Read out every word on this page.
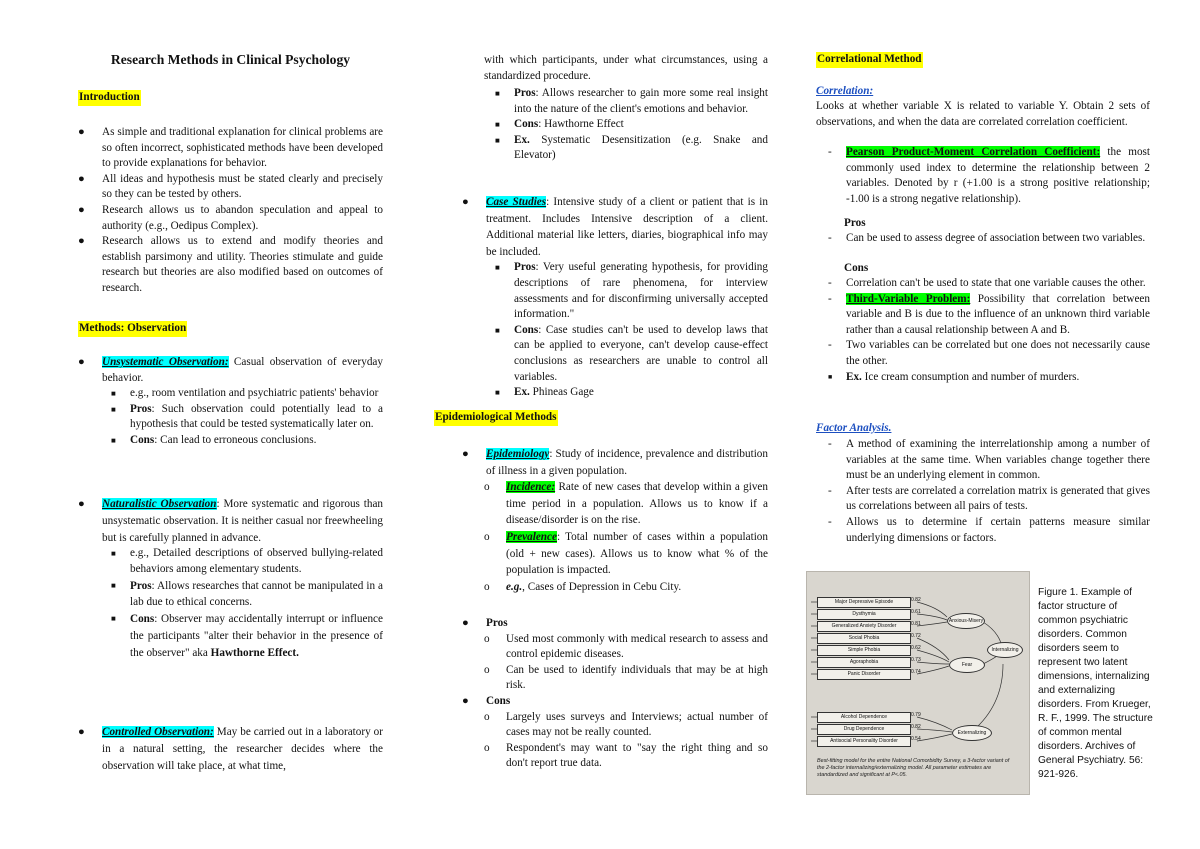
Research Methods in Clinical Psychology
Introduction
● As simple and traditional explanation for clinical problems are so often incorrect, sophisticated methods have been developed to provide explanations for behavior.
● All ideas and hypothesis must be stated clearly and precisely so they can be tested by others.
● Research allows us to abandon speculation and appeal to authority (e.g., Oedipus Complex).
● Research allows us to extend and modify theories and establish parsimony and utility. Theories stimulate and guide research but theories are also modified based on outcomes of research.
Methods: Observation
● Unsystematic Observation: Casual observation of everyday behavior.
■ e.g., room ventilation and psychiatric patients' behavior
■ Pros: Such observation could potentially lead to a hypothesis that could be tested systematically later on.
■ Cons: Can lead to erroneous conclusions.
● Naturalistic Observation: More systematic and rigorous than unsystematic observation. It is neither casual nor freewheeling but is carefully planned in advance.
■ e.g., Detailed descriptions of observed bullying-related behaviors among elementary students.
■ Pros: Allows researches that cannot be manipulated in a lab due to ethical concerns.
■ Cons: Observer may accidentally interrupt or influence the participants "alter their behavior in the presence of the observer" aka Hawthorne Effect.
● Controlled Observation: May be carried out in a laboratory or in a natural setting, the researcher decides where the observation will take place, at what time,
with which participants, under what circumstances, using a standardized procedure.
■ Pros: Allows researcher to gain more some real insight into the nature of the client's emotions and behavior.
■ Cons: Hawthorne Effect
■ Ex. Systematic Desensitization (e.g. Snake and Elevator)
● Case Studies: Intensive study of a client or patient that is in treatment. Includes Intensive description of a client. Additional material like letters, diaries, biographical info may be included.
■ Pros: Very useful generating hypothesis, for providing descriptions of rare phenomena, for interview assessments and for disconfirming universally accepted information."
■ Cons: Case studies can't be used to develop laws that can be applied to everyone, can't develop cause-effect conclusions as researchers are unable to control all variables.
■ Ex. Phineas Gage
Epidemiological Methods
● Epidemiology: Study of incidence, prevalence and distribution of illness in a given population.
o Incidence: Rate of new cases that develop within a given time period in a population. Allows us to know if a disease/disorder is on the rise.
o Prevalence: Total number of cases within a population (old + new cases). Allows us to know what % of the population is impacted.
o e.g., Cases of Depression in Cebu City.
● Pros
o Used most commonly with medical research to assess and control epidemic diseases.
o Can be used to identify individuals that may be at high risk.
● Cons
o Largely uses surveys and Interviews; actual number of cases may not be really counted.
o Respondent's may want to "say the right thing and so don't report true data.
Correlational Method
Correlation:
Looks at whether variable X is related to variable Y. Obtain 2 sets of observations, and when the data are correlated correlation coefficient.
- Pearson Product-Moment Correlation Coefficient: the most commonly used index to determine the relationship between 2 variables. Denoted by r (+1.00 is a strong positive relationship; -1.00 is a strong negative relationship).
Pros
- Can be used to assess degree of association between two variables.
Cons
- Correlation can't be used to state that one variable causes the other.
- Third-Variable Problem: Possibility that correlation between variable and B is due to the influence of an unknown third variable rather than a causal relationship between A and B.
- Two variables can be correlated but one does not necessarily cause the other.
■ Ex. Ice cream consumption and number of murders.
Factor Analysis.
- A method of examining the interrelationship among a number of variables at the same time. When variables change together there must be an underlying element in common.
- After tests are correlated a correlation matrix is generated that gives us correlations between all pairs of tests.
- Allows us to determine if certain patterns measure similar underlying dimensions or factors.
Major Depressive Episode
Dysthymia
Generalized Anxiety Disorder
Social Phobia
Simple Phobia
Agoraphobia
Panic Disorder
Alcohol Dependence
Drug Dependence
Antisocial Personality Disorder
0.82
0.61
0.81
0.72
0.62
0.73
0.74
0.79
0.82
0.54
Anxious-Misery
Fear
Internalizing
Externalizing
Best-fitting model for the entire National Comorbidity Survey, a 3-factor variant of the 2-factor internalizing/externalizing model. All parameter estimates are standardized and significant at P<.05.
Figure 1. Example of factor structure of common psychiatric disorders. Common disorders seem to represent two latent dimensions, internalizing and externalizing disorders. From Krueger, R. F., 1999. The structure of common mental disorders. Archives of General Psychiatry. 56: 921-926.
